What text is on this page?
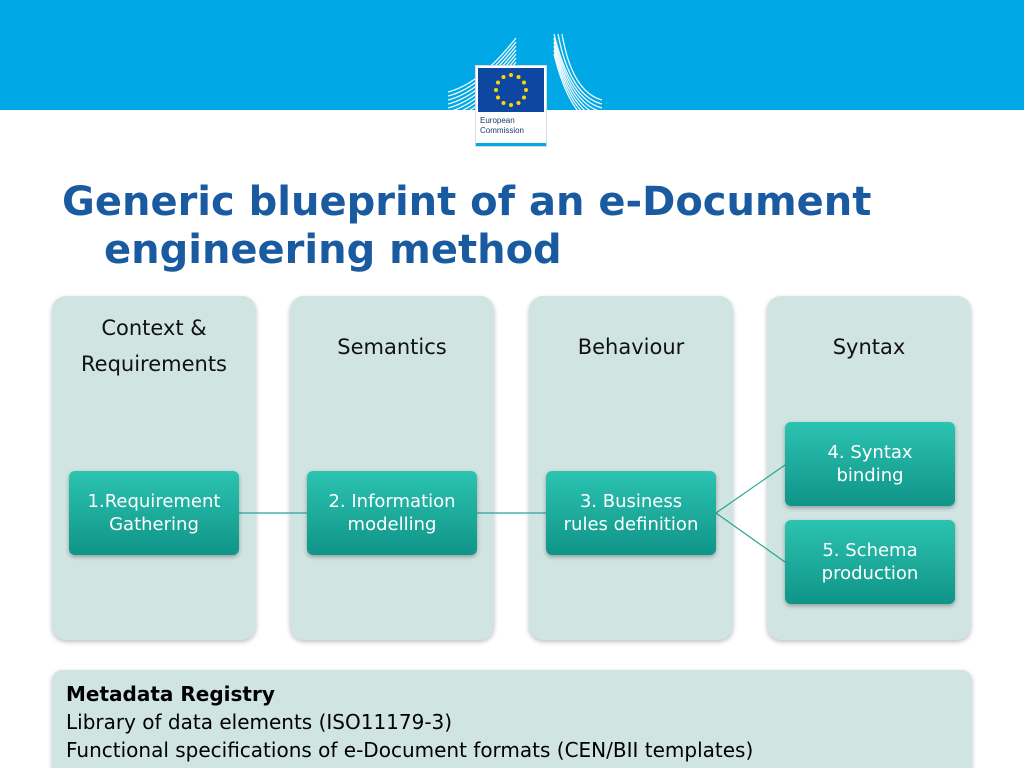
European
Commission
Generic blueprint of an e-Document
engineering method
Context &
Requirements
Semantics	Behaviour	Syntax
1.Requirement
Gathering
2. Information
modelling
3. Business
rules definition
4. Syntax
binding
5. Schema
production
Metadata Registry
Library of data elements (ISO11179-3)
Functional specifications of e-Document formats (CEN/BII templates)
